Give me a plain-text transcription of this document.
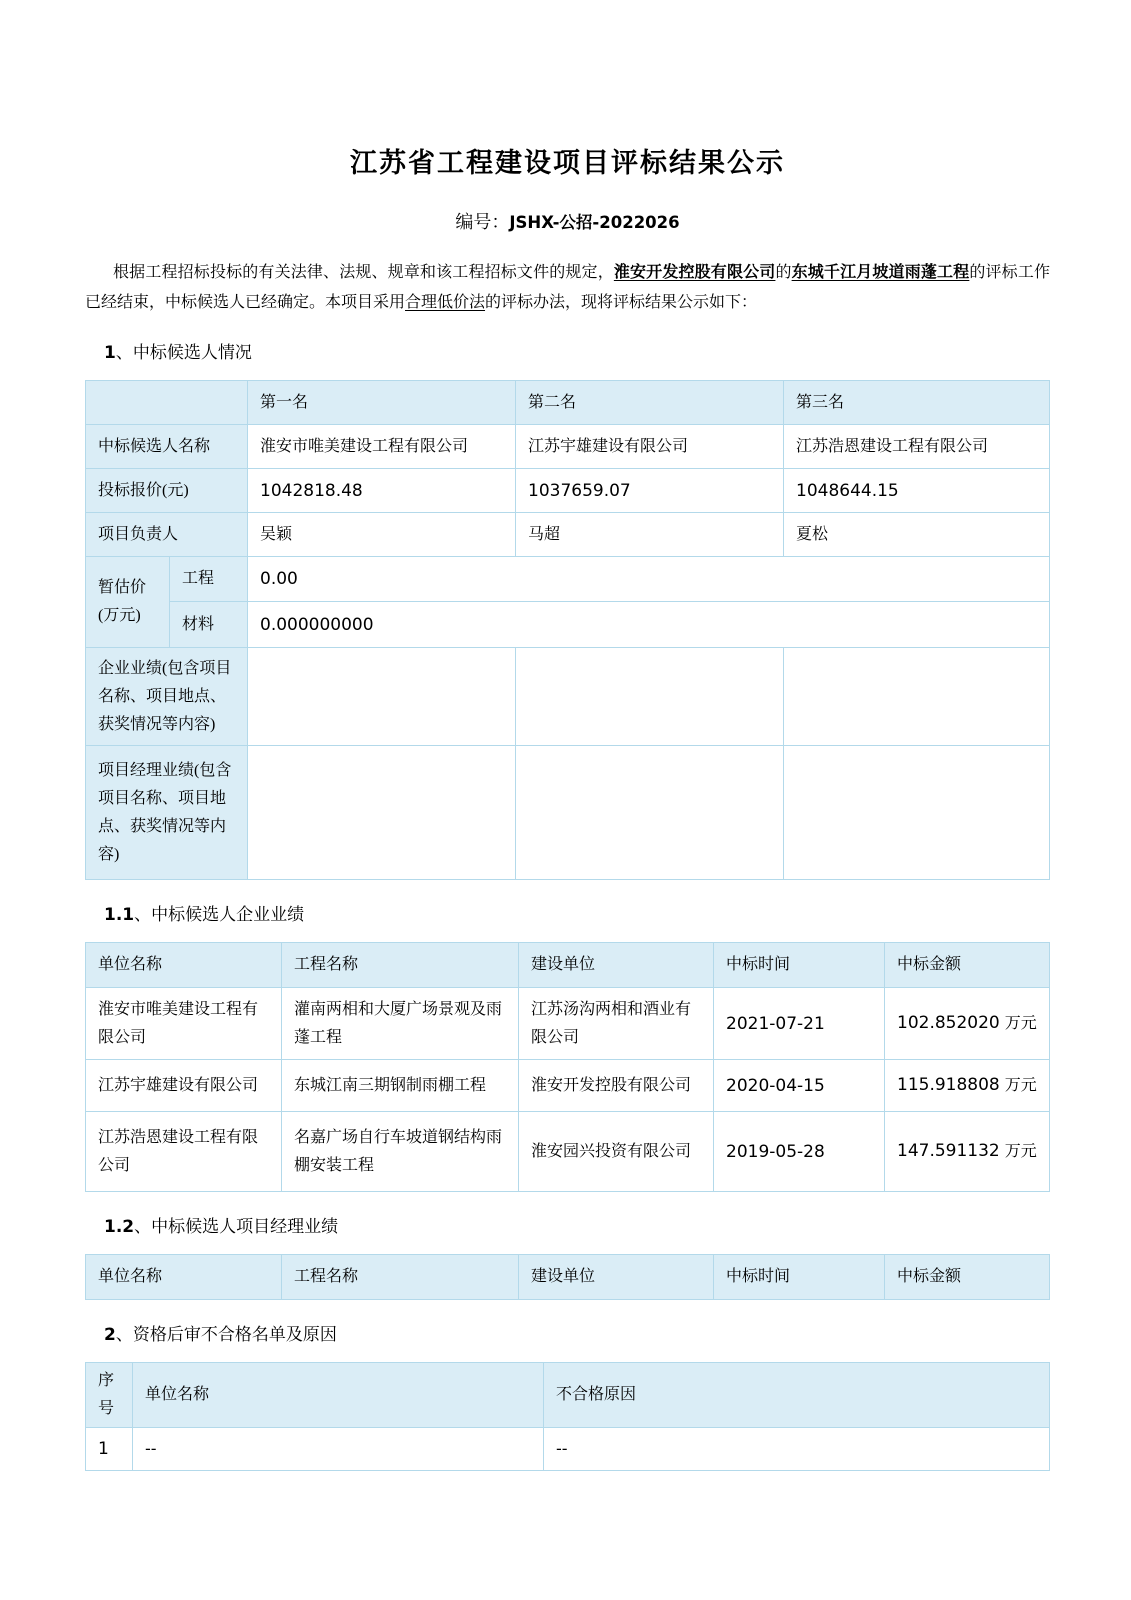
江苏省工程建设项目评标结果公示
编号：JSHX-公招-2022026

根据工程招标投标的有关法律、法规、规章和该工程招标文件的规定，淮安开发控股有限公司的东城千江月坡道雨蓬工程的评标工作已经结束，中标候选人已经确定。本项目采用合理低价法的评标办法，现将评标结果公示如下：

1、中标候选人情况
		第一名	第二名	第三名
中标候选人名称		淮安市唯美建设工程有限公司	江苏宇雄建设有限公司	江苏浩恩建设工程有限公司
投标报价(元)		1042818.48	1037659.07	1048644.15
项目负责人		吴颖	马超	夏松

暂估价
(万元)	工程	0.00		
	材料	0.000000000		
企业业绩(包含项目名称、项目地点、获奖情况等内容)				
项目经理业绩(包含项目名称、项目地点、获奖情况等内容)				
1.1、中标候选人企业业绩
单位名称	工程名称	建设单位	中标时间	中标金额
淮安市唯美建设工程有限公司	灌南两相和大厦广场景观及雨蓬工程	江苏汤沟两相和酒业有限公司	2021-07-21	102.852020 万元
江苏宇雄建设有限公司	东城江南三期钢制雨棚工程	淮安开发控股有限公司	2020-04-15	115.918808 万元
江苏浩恩建设工程有限公司	名嘉广场自行车坡道钢结构雨棚安装工程	淮安园兴投资有限公司	2019-05-28	147.591132 万元
1.2、中标候选人项目经理业绩
单位名称	工程名称	建设单位	中标时间	中标金额
2、资格后审不合格名单及原因
序号	单位名称	不合格原因
1	--	--
